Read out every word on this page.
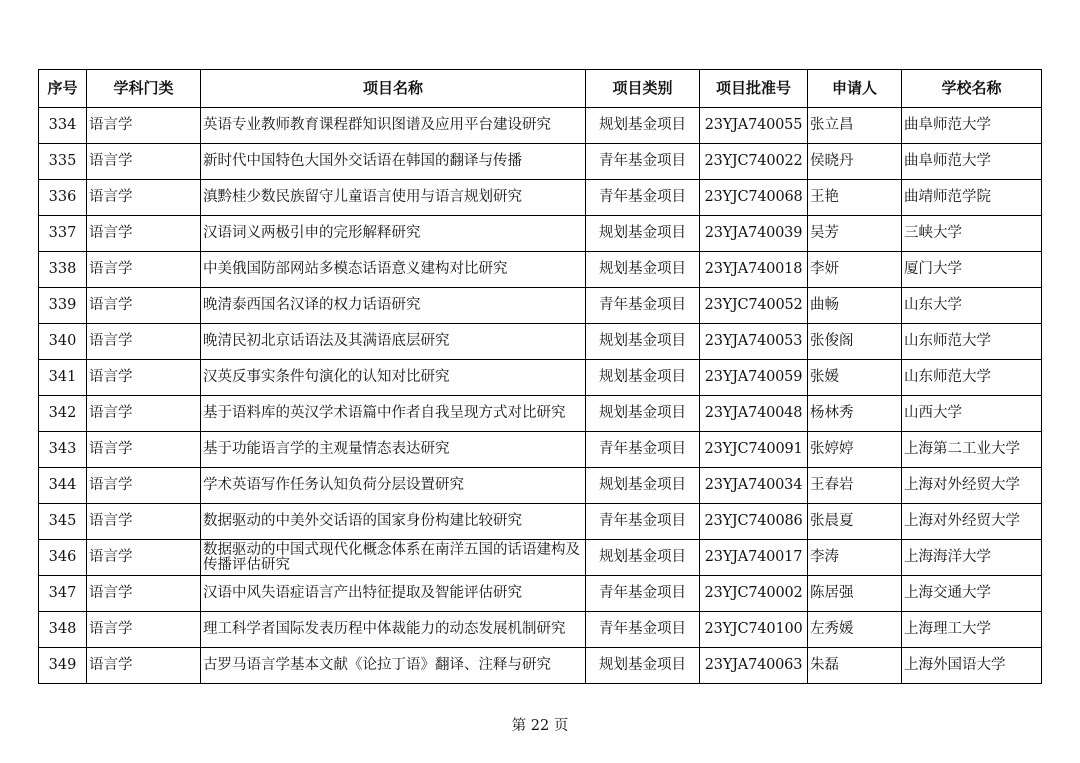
序号	学科门类	项目名称	项目类别	项目批准号	申请人	学校名称
334	语言学	英语专业教师教育课程群知识图谱及应用平台建设研究	规划基金项目	23YJA740055	张立昌	曲阜师范大学
335	语言学	新时代中国特色大国外交话语在韩国的翻译与传播	青年基金项目	23YJC740022	侯晓丹	曲阜师范大学
336	语言学	滇黔桂少数民族留守儿童语言使用与语言规划研究	青年基金项目	23YJC740068	王艳	曲靖师范学院
337	语言学	汉语词义两极引申的完形解释研究	规划基金项目	23YJA740039	吴芳	三峡大学
338	语言学	中美俄国防部网站多模态话语意义建构对比研究	规划基金项目	23YJA740018	李妍	厦门大学
339	语言学	晚清泰西国名汉译的权力话语研究	青年基金项目	23YJC740052	曲畅	山东大学
340	语言学	晚清民初北京话语法及其满语底层研究	规划基金项目	23YJA740053	张俊阁	山东师范大学
341	语言学	汉英反事实条件句演化的认知对比研究	规划基金项目	23YJA740059	张媛	山东师范大学
342	语言学	基于语料库的英汉学术语篇中作者自我呈现方式对比研究	规划基金项目	23YJA740048	杨林秀	山西大学
343	语言学	基于功能语言学的主观量情态表达研究	青年基金项目	23YJC740091	张婷婷	上海第二工业大学
344	语言学	学术英语写作任务认知负荷分层设置研究	规划基金项目	23YJA740034	王春岩	上海对外经贸大学
345	语言学	数据驱动的中美外交话语的国家身份构建比较研究	青年基金项目	23YJC740086	张晨夏	上海对外经贸大学
346	语言学	数据驱动的中国式现代化概念体系在南洋五国的话语建构及传播评估研究	规划基金项目	23YJA740017	李涛	上海海洋大学
347	语言学	汉语中风失语症语言产出特征提取及智能评估研究	青年基金项目	23YJC740002	陈居强	上海交通大学
348	语言学	理工科学者国际发表历程中体裁能力的动态发展机制研究	青年基金项目	23YJC740100	左秀媛	上海理工大学
349	语言学	古罗马语言学基本文献《论拉丁语》翻译、注释与研究	规划基金项目	23YJA740063	朱磊	上海外国语大学
第 22 页
